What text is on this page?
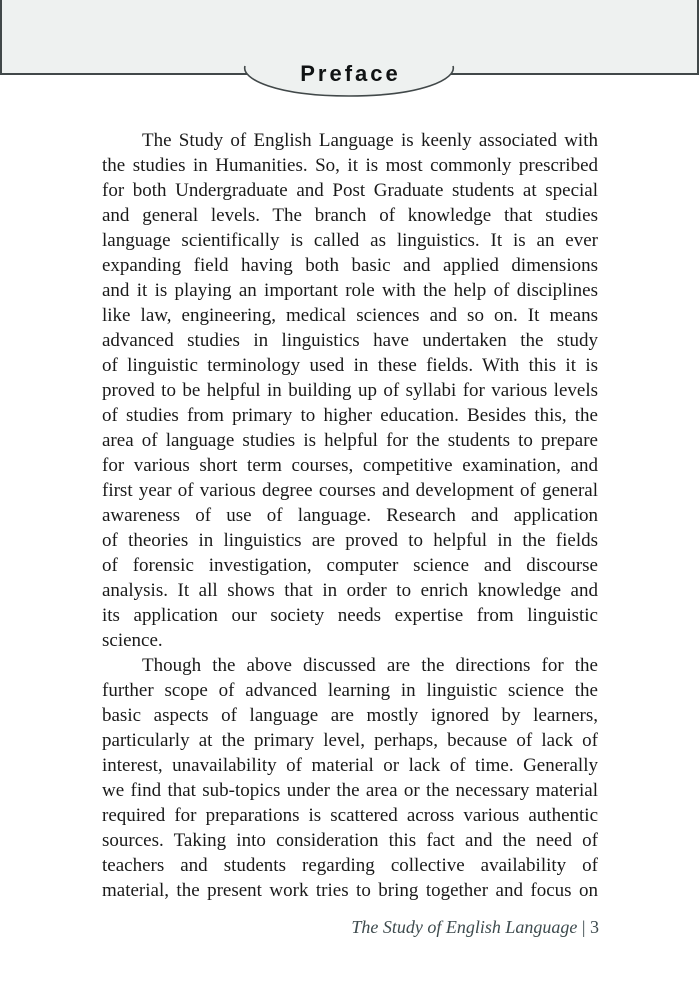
Preface
The Study of English Language is keenly associated with
the studies in Humanities. So, it is most commonly prescribed
for both Undergraduate and Post Graduate students at special
and general levels. The branch of knowledge that studies
language scientifically is called as linguistics. It is an ever
expanding field having both basic and applied dimensions
and it is playing an important role with the help of disciplines
like law, engineering, medical sciences and so on. It means
advanced studies in linguistics have undertaken the study
of linguistic terminology used in these fields. With this it is
proved to be helpful in building up of syllabi for various levels
of studies from primary to higher education. Besides this, the
area of language studies is helpful for the students to prepare
for various short term courses, competitive examination, and
first year of various degree courses and development of general
awareness of use of language. Research and application
of theories in linguistics are proved to helpful in the fields
of forensic investigation, computer science and discourse
analysis. It all shows that in order to enrich knowledge and
its application our society needs expertise from linguistic
science.
Though the above discussed are the directions for the
further scope of advanced learning in linguistic science the
basic aspects of language are mostly ignored by learners,
particularly at the primary level, perhaps, because of lack of
interest, unavailability of material or lack of time. Generally
we find that sub-topics under the area or the necessary material
required for preparations is scattered across various authentic
sources. Taking into consideration this fact and the need of
teachers and students regarding collective availability of
material, the present work tries to bring together and focus on
The Study of English Language | 3
